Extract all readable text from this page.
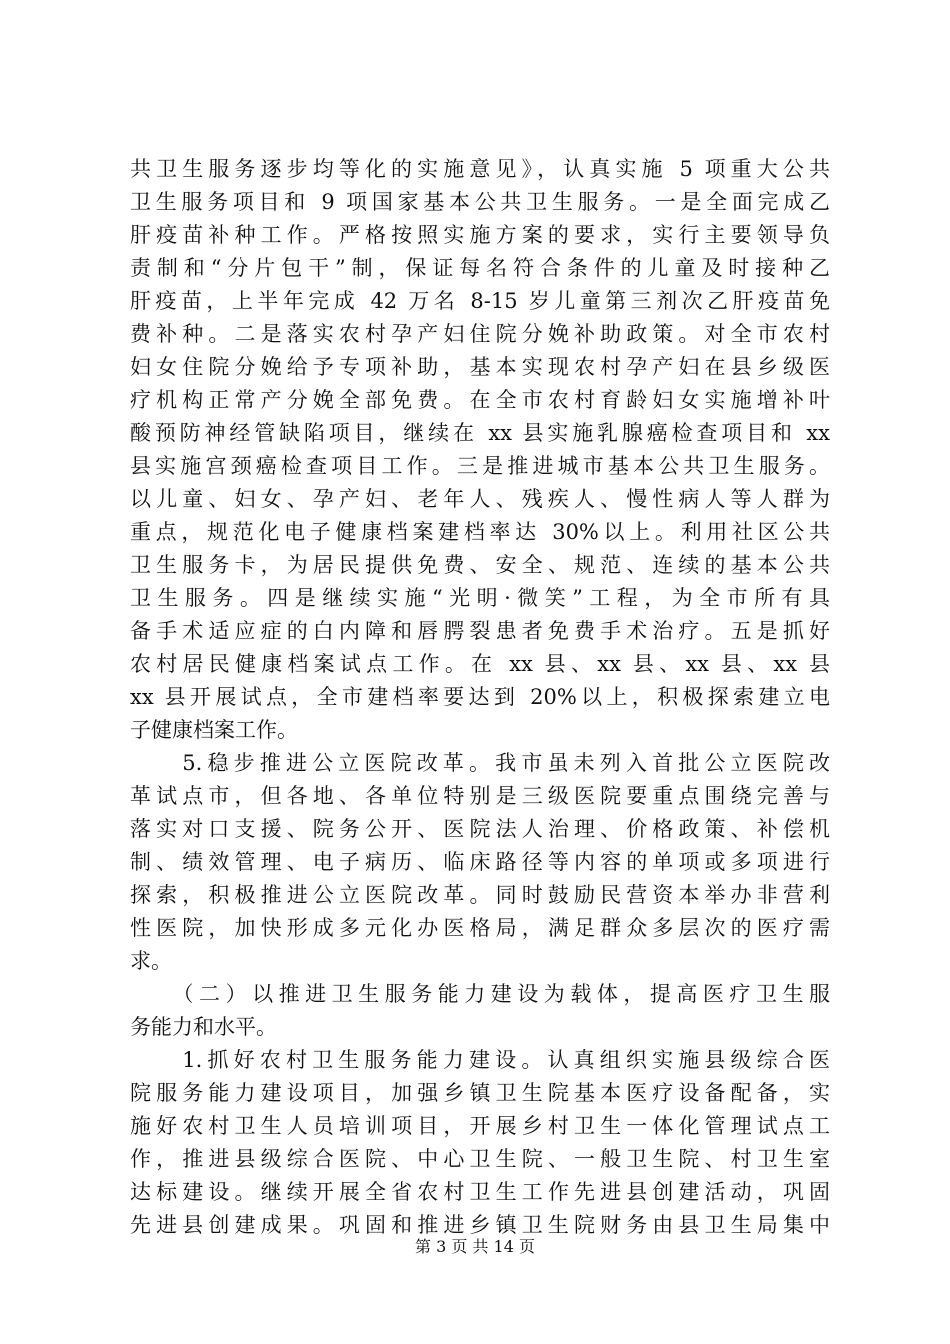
共卫生服务逐步均等化的实施意见》，认真实施 5 项重大公共
卫生服务项目和 9 项国家基本公共卫生服务。一是全面完成乙
肝疫苗补种工作。严格按照实施方案的要求，实行主要领导负
责制和“分片包干”制，保证每名符合条件的儿童及时接种乙
肝疫苗，上半年完成 42 万名 8-15 岁儿童第三剂次乙肝疫苗免
费补种。二是落实农村孕产妇住院分娩补助政策。对全市农村
妇女住院分娩给予专项补助，基本实现农村孕产妇在县乡级医
疗机构正常产分娩全部免费。在全市农村育龄妇女实施增补叶
酸预防神经管缺陷项目，继续在 xx 县实施乳腺癌检查项目和 xx
县实施宫颈癌检查项目工作。三是推进城市基本公共卫生服务。
以儿童、妇女、孕产妇、老年人、残疾人、慢性病人等人群为
重点，规范化电子健康档案建档率达 30%以上。利用社区公共
卫生服务卡，为居民提供免费、安全、规范、连续的基本公共
卫生服务。四是继续实施“光明·微笑”工程，为全市所有具
备手术适应症的白内障和唇腭裂患者免费手术治疗。五是抓好
农村居民健康档案试点工作。在 xx 县、xx 县、xx 县、xx 县
xx 县开展试点，全市建档率要达到 20%以上，积极探索建立电
子健康档案工作。
　　5.稳步推进公立医院改革。我市虽未列入首批公立医院改
革试点市，但各地、各单位特别是三级医院要重点围绕完善与
落实对口支援、院务公开、医院法人治理、价格政策、补偿机
制、绩效管理、电子病历、临床路径等内容的单项或多项进行
探索，积极推进公立医院改革。同时鼓励民营资本举办非营利
性医院，加快形成多元化办医格局，满足群众多层次的医疗需
求。
　　（二）以推进卫生服务能力建设为载体，提高医疗卫生服
务能力和水平。
　　1.抓好农村卫生服务能力建设。认真组织实施县级综合医
院服务能力建设项目，加强乡镇卫生院基本医疗设备配备，实
施好农村卫生人员培训项目，开展乡村卫生一体化管理试点工
作，推进县级综合医院、中心卫生院、一般卫生院、村卫生室
达标建设。继续开展全省农村卫生工作先进县创建活动，巩固
先进县创建成果。巩固和推进乡镇卫生院财务由县卫生局集中
第 3 页 共 14 页
